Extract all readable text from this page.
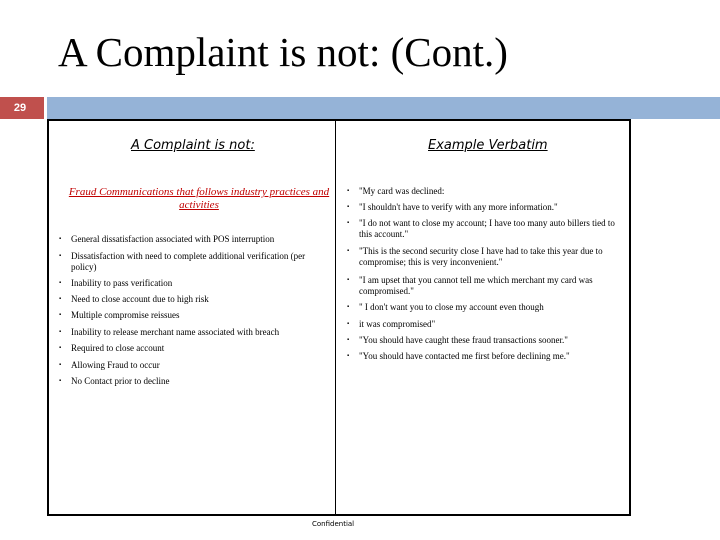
A Complaint is not: (Cont.)
29
A Complaint is not:	Example Verbatim
Fraud Communications that follows industry practices and activities
▪ General dissatisfaction associated with POS interruption
▪ Dissatisfaction with need to complete additional verification (per policy)
▪ Inability to pass verification
▪ Need to close account due to high risk
▪ Multiple compromise reissues
▪ Inability to release merchant name associated with breach
▪ Required to close account
▪ Allowing Fraud to occur
▪ No Contact prior to decline
▪ "My card was declined:
▪ "I shouldn't have to verify with any more information."
▪ "I do not want to close my account; I have too many auto billers tied to this account."
▪ "This is the second security close I have had to take this year due to compromise; this is very inconvenient."
▪ "I am upset that you cannot tell me which merchant my card was compromised."
▪ " I don't want you to close my account even though
▪ it was compromised"
▪ "You should have caught these fraud transactions sooner."
▪ "You should have contacted me first before declining me."
Confidential
